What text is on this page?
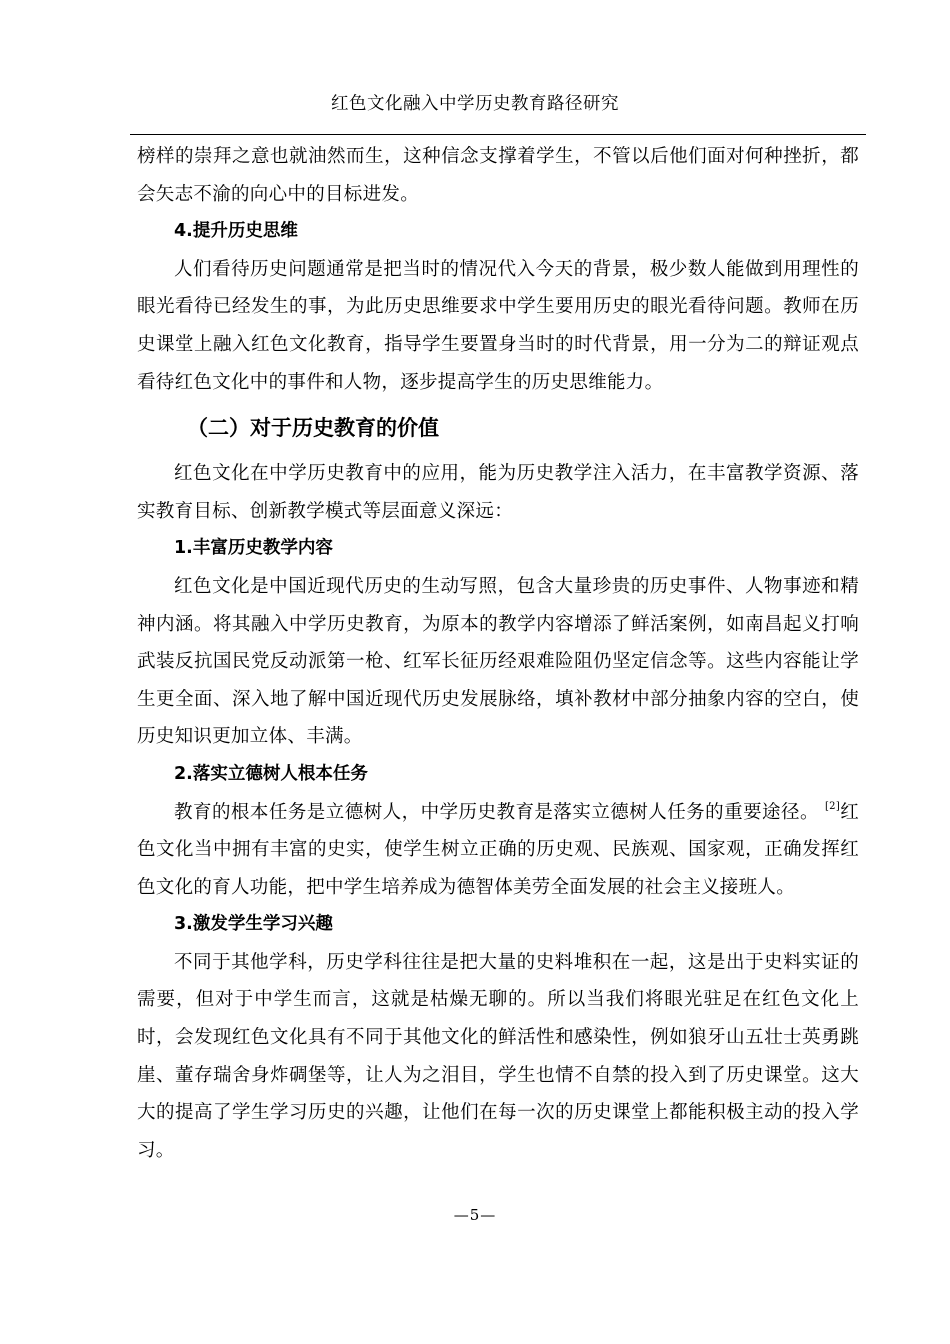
红色文化融入中学历史教育路径研究

榜样的崇拜之意也就油然而生，这种信念支撑着学生，不管以后他们面对何种挫折，都会矢志不渝的向心中的目标进发。

4.提升历史思维

人们看待历史问题通常是把当时的情况代入今天的背景，极少数人能做到用理性的眼光看待已经发生的事，为此历史思维要求中学生要用历史的眼光看待问题。教师在历史课堂上融入红色文化教育，指导学生要置身当时的时代背景，用一分为二的辩证观点看待红色文化中的事件和人物，逐步提高学生的历史思维能力。

（二）对于历史教育的价值

红色文化在中学历史教育中的应用，能为历史教学注入活力，在丰富教学资源、落实教育目标、创新教学模式等层面意义深远：

1.丰富历史教学内容

红色文化是中国近现代历史的生动写照，包含大量珍贵的历史事件、人物事迹和精神内涵。将其融入中学历史教育，为原本的教学内容增添了鲜活案例，如南昌起义打响武装反抗国民党反动派第一枪、红军长征历经艰难险阻仍坚定信念等。这些内容能让学生更全面、深入地了解中国近现代历史发展脉络，填补教材中部分抽象内容的空白，使历史知识更加立体、丰满。

2.落实立德树人根本任务

教育的根本任务是立德树人，中学历史教育是落实立德树人任务的重要途径。 [2]红色文化当中拥有丰富的史实，使学生树立正确的历史观、民族观、国家观，正确发挥红色文化的育人功能，把中学生培养成为德智体美劳全面发展的社会主义接班人。

3.激发学生学习兴趣

不同于其他学科，历史学科往往是把大量的史料堆积在一起，这是出于史料实证的需要，但对于中学生而言，这就是枯燥无聊的。所以当我们将眼光驻足在红色文化上时，会发现红色文化具有不同于其他文化的鲜活性和感染性，例如狼牙山五壮士英勇跳崖、董存瑞舍身炸碉堡等，让人为之泪目，学生也情不自禁的投入到了历史课堂。这大大的提高了学生学习历史的兴趣，让他们在每一次的历史课堂上都能积极主动的投入学习。

—5—
